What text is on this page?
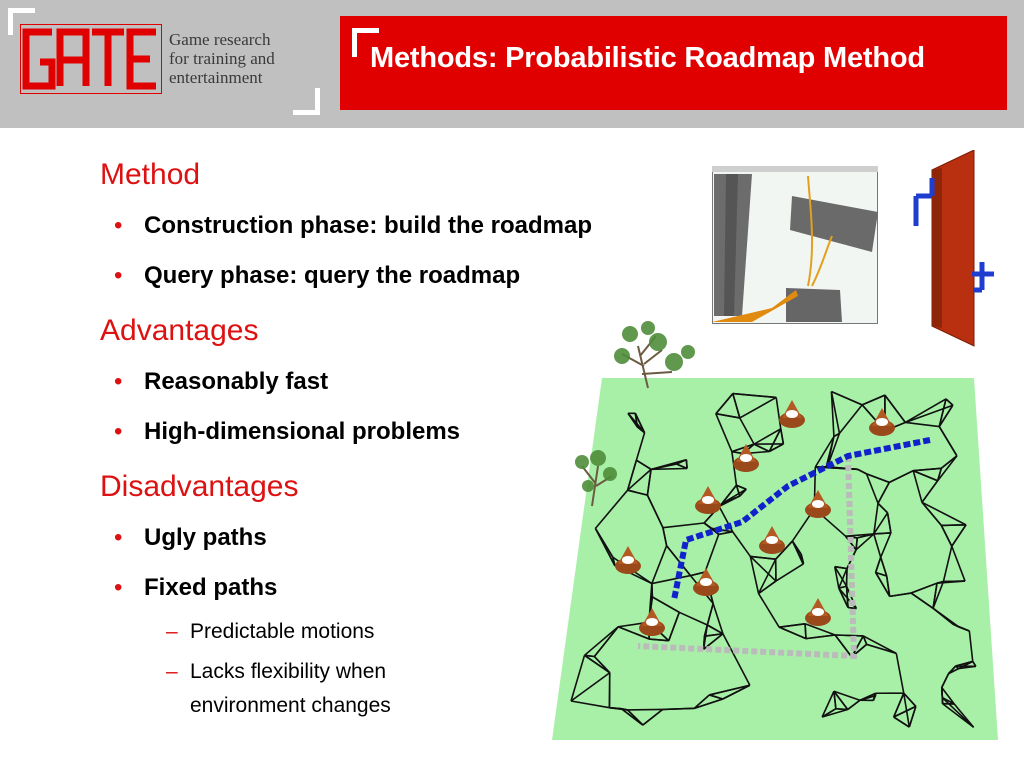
Game research
for training and
entertainment
Methods: Probabilistic Roadmap Method
Method
• Construction phase: build the roadmap
• Query phase: query the roadmap
Advantages
• Reasonably fast
• High-dimensional problems
Disadvantages
• Ugly paths
• Fixed paths
– Predictable motions
– Lacks flexibility when
environment changes
